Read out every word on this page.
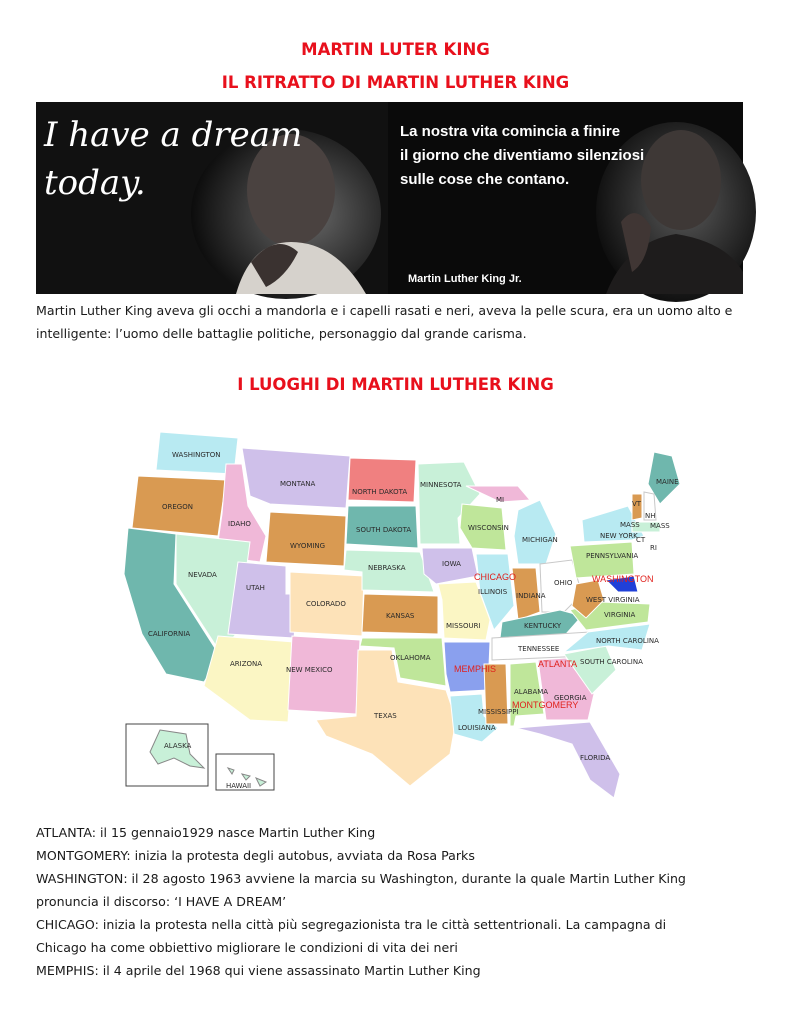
MARTIN LUTER KING
IL RITRATTO DI MARTIN LUTHER KING
I have a dream
today.
La nostra vita comincia a finire
il giorno che diventiamo silenziosi
sulle cose che contano.
Martin Luther King Jr.

Martin Luther King aveva gli occhi a mandorla e i capelli rasati e neri, aveva la pelle scura, era un uomo alto e intelligente: l’uomo delle battaglie politiche, personaggio dal grande carisma.

I LUOGHI DI MARTIN LUTHER KING
WASHINGTON
OREGON
CALIFORNIA
IDAHO
NEVADA
MONTANA
WYOMING
UTAH
ARIZONA
COLORADO
NEW MEXICO
NORTH DAKOTA
SOUTH DAKOTA
NEBRASKA
KANSAS
OKLAHOMA
TEXAS
MINNESOTA
IOWA
MISSOURI
LOUISIANA
WISCONSIN
ILLINOIS
MICHIGAN
MI
INDIANA
OHIO
KENTUCKY
TENNESSEE
MISSISSIPPI
ALABAMA
GEORGIA
FLORIDA
SOUTH CAROLINA
NORTH CAROLINA
VIRGINIA
WEST VIRGINIA
PENNSYLVANIA
NEW YORK
MAINE
VT
NH
MASS MASS
RI
CT
ALASKA
HAWAII
CHICAGO	WASHINGTON
MEMPHIS	ATLANTA
MONTGOMERY

ATLANTA: il 15 gennaio1929 nasce Martin Luther King

MONTGOMERY: inizia la protesta degli autobus, avviata da Rosa Parks

WASHINGTON: il 28 agosto 1963 avviene la marcia su Washington, durante la quale Martin Luther King

pronuncia il discorso: ‘I HAVE A DREAM’

CHICAGO: inizia la protesta nella città più segregazionista tra le città settentrionali. La campagna di

Chicago ha come obbiettivo migliorare le condizioni di vita dei neri

MEMPHIS: il 4 aprile del 1968 qui viene assassinato Martin Luther King
